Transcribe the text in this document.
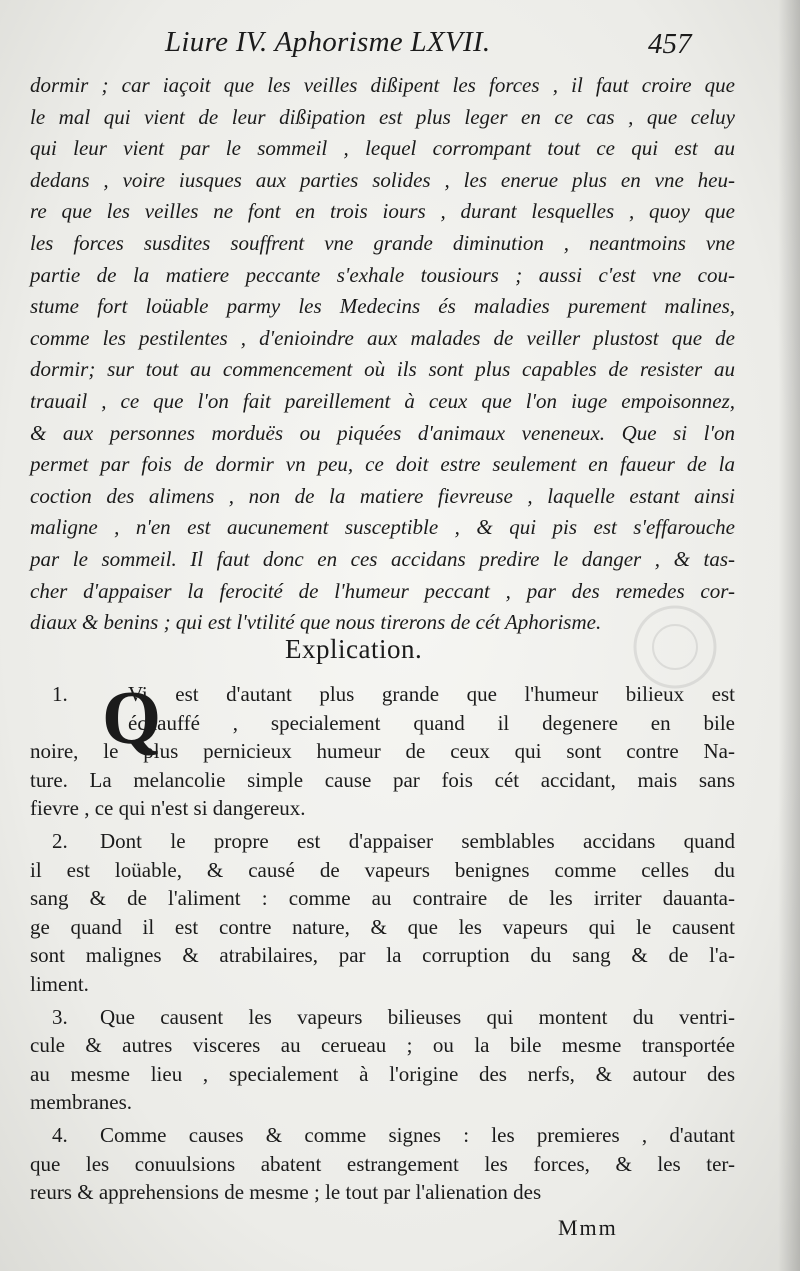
Liure IV. Aphorisme LXVII.	457
dormir ; car iaçoit que les veilles dißipent les forces , il faut croire que
le mal qui vient de leur dißipation est plus leger en ce cas , que celuy
qui leur vient par le sommeil , lequel corrompant tout ce qui est au
dedans , voire iusques aux parties solides , les enerue plus en vne heu-
re que les veilles ne font en trois iours , durant lesquelles , quoy que
les forces susdites souffrent vne grande diminution , neantmoins vne
partie de la matiere peccante s'exhale tousiours ; aussi c'est vne cou-
stume fort loüable parmy les Medecins és maladies purement malines,
comme les pestilentes , d'enioindre aux malades de veiller plustost que de
dormir; sur tout au commencement où ils sont plus capables de resister au
trauail , ce que l'on fait pareillement à ceux que l'on iuge empoisonnez,
& aux personnes morduës ou piquées d'animaux veneneux. Que si l'on
permet par fois de dormir vn peu, ce doit estre seulement en faueur de la
coction des alimens , non de la matiere fievreuse , laquelle estant ainsi
maligne , n'en est aucunement susceptible , & qui pis est s'effarouche
par le sommeil. Il faut donc en ces accidans predire le danger , & tas-
cher d'appaiser la ferocité de l'humeur peccant , par des remedes cor-
diaux & benins ; qui est l'vtilité que nous tirerons de cét Aphorisme.
Explication.
Q
1.	Vi est d'autant plus grande que l'humeur bilieux est
échauffé , specialement quand il degenere en bile
noire, le plus pernicieux humeur de ceux qui sont contre Na-
ture. La melancolie simple cause par fois cét accidant, mais sans
fievre , ce qui n'est si dangereux.
2. Dont le propre est d'appaiser semblables accidans quand
il est loüable, & causé de vapeurs benignes comme celles du
sang & de l'aliment : comme au contraire de les irriter dauanta-
ge quand il est contre nature, & que les vapeurs qui le causent
sont malignes & atrabilaires, par la corruption du sang & de l'a-
liment.
3. Que causent les vapeurs bilieuses qui montent du ventri-
cule & autres visceres au cerueau ; ou la bile mesme transportée
au mesme lieu , specialement à l'origine des nerfs, & autour des
membranes.
4. Comme causes & comme signes : les premieres , d'autant
que les conuulsions abatent estrangement les forces, & les ter-
reurs & apprehensions de mesme ; le tout par l'alienation des
Mmm
